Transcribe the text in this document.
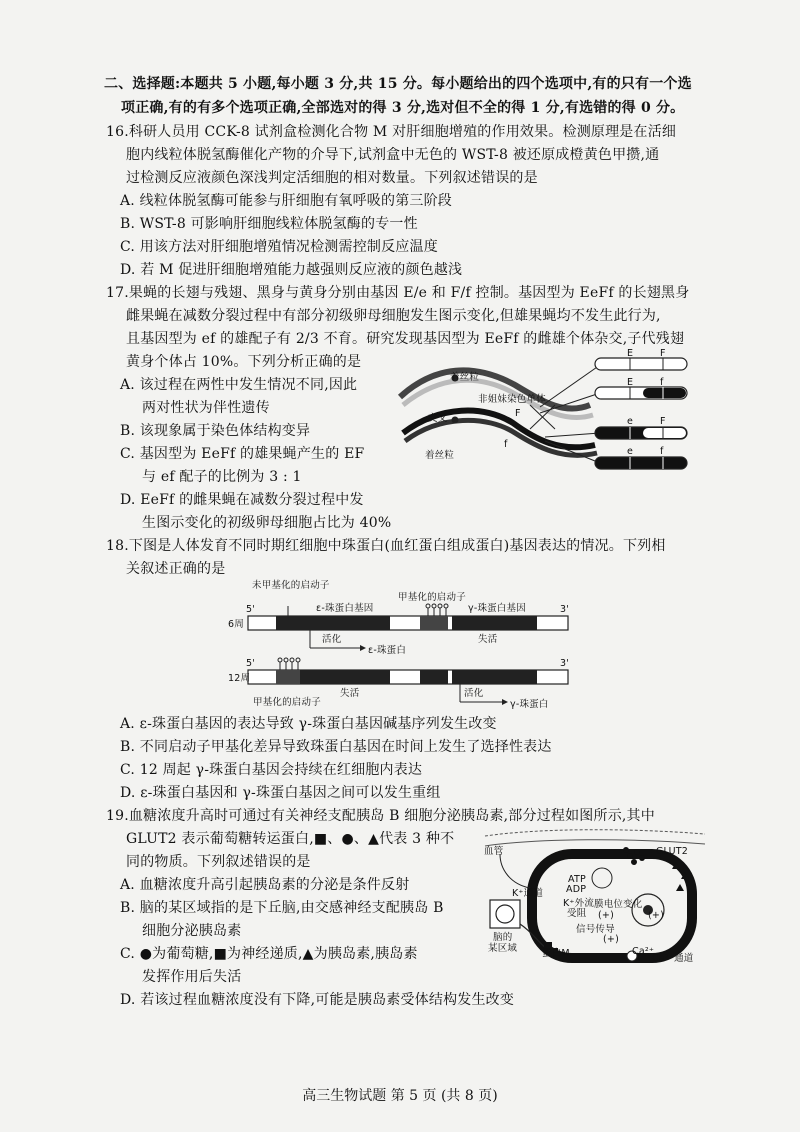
二、选择题:本题共 5 小题,每小题 3 分,共 15 分。每小题给出的四个选项中,有的只有一个选
项正确,有的有多个选项正确,全部选对的得 3 分,选对但不全的得 1 分,有选错的得 0 分。
16.科研人员用 CCK-8 试剂盒检测化合物 M 对肝细胞增殖的作用效果。检测原理是在活细
胞内线粒体脱氢酶催化产物的介导下,试剂盒中无色的 WST-8 被还原成橙黄色甲攒,通
过检测反应液颜色深浅判定活细胞的相对数量。下列叙述错误的是
A. 线粒体脱氢酶可能参与肝细胞有氧呼吸的第三阶段
B. WST-8 可影响肝细胞线粒体脱氢酶的专一性
C. 用该方法对肝细胞增殖情况检测需控制反应温度
D. 若 M 促进肝细胞增殖能力越强则反应液的颜色越浅
17.果蝇的长翅与残翅、黑身与黄身分别由基因 E/e 和 F/f 控制。基因型为 EeFf 的长翅黑身
雌果蝇在减数分裂过程中有部分初级卵母细胞发生图示变化,但雄果蝇均不发生此行为,
且基因型为 ef 的雄配子有 2/3 不育。研究发现基因型为 EeFf 的雌雄个体杂交,子代残翅
黄身个体占 10%。下列分析正确的是
A. 该过程在两性中发生情况不同,因此
两对性状为伴性遗传
B. 该现象属于染色体结构变异
C. 基因型为 EeFf 的雄果蝇产生的 EF
与 ef 配子的比例为 3 : 1
D. EeFf 的雌果蝇在减数分裂过程中发
生图示变化的初级卵母细胞占比为 40%
着丝粒
非姐妹染色单体
交叉
着丝粒
F
f
E	F
E	f
e	F
e	f
18.下图是人体发育不同时期红细胞中珠蛋白(血红蛋白组成蛋白)基因表达的情况。下列相
关叙述正确的是
未甲基化的启动子
甲基化的启动子
ε-珠蛋白基因	γ-珠蛋白基因
6周
5'	3'
活化	失活
ε-珠蛋白
12周
5'	3'
失活	活化
γ-珠蛋白
甲基化的启动子
A. ε-珠蛋白基因的表达导致 γ-珠蛋白基因碱基序列发生改变
B. 不同启动子甲基化差异导致珠蛋白基因在时间上发生了选择性表达
C. 12 周起 γ-珠蛋白基因会持续在红细胞内表达
D. ε-珠蛋白基因和 γ-珠蛋白基因之间可以发生重组
19.血糖浓度升高时可通过有关神经支配胰岛 B 细胞分泌胰岛素,部分过程如图所示,其中
GLUT2 表示葡萄糖转运蛋白,■、●、▲代表 3 种不
同的物质。下列叙述错误的是
A. 血糖浓度升高引起胰岛素的分泌是条件反射
B. 脑的某区域指的是下丘脑,由交感神经支配胰岛 B
细胞分泌胰岛素
C. ●为葡萄糖,■为神经递质,▲为胰岛素,胰岛素
发挥作用后失活
D. 若该过程血糖浓度没有下降,可能是胰岛素受体结构发生改变
血管	GLUT2
K⁺通道
ATP
ADP
K⁺外流
受阻
膜电位变化
(+)	(+)
(+)
脑的
某区域
信号传导
蛋白M	Ca²⁺
Ca²⁺通道
高三生物试题 第 5 页 (共 8 页)
